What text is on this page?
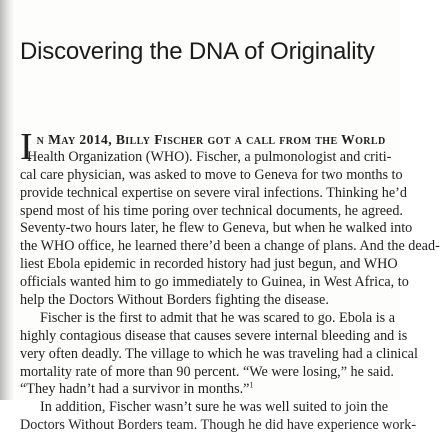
Discovering the DNA of Originality
In May 2014, Billy Fischer got a call from the World
Health Organization (WHO). Fischer, a pulmonologist and criti-
cal care physician, was asked to move to Geneva for two months to
provide technical expertise on severe viral infections. Thinking he’d
spend most of his time poring over technical documents, he agreed.
Seventy-two hours later, he flew to Geneva, but when he walked into
the WHO office, he learned there’d been a change of plans. And the dead-
liest Ebola epidemic in recorded history had just begun, and WHO
officials wanted him to go immediately to Guinea, in West Africa, to
help the Doctors Without Borders fighting the disease.
Fischer is the first to admit that he was scared to go. Ebola is a
highly contagious disease that causes severe internal bleeding and is
very often deadly. The village to which he was traveling had a clinical
mortality rate of more than 90 percent. “We were losing,” he said.
“They hadn’t had a survivor in months.”$^1$
In addition, Fischer wasn’t sure he was well suited to join the
Doctors Without Borders team. Though he did have experience work-
